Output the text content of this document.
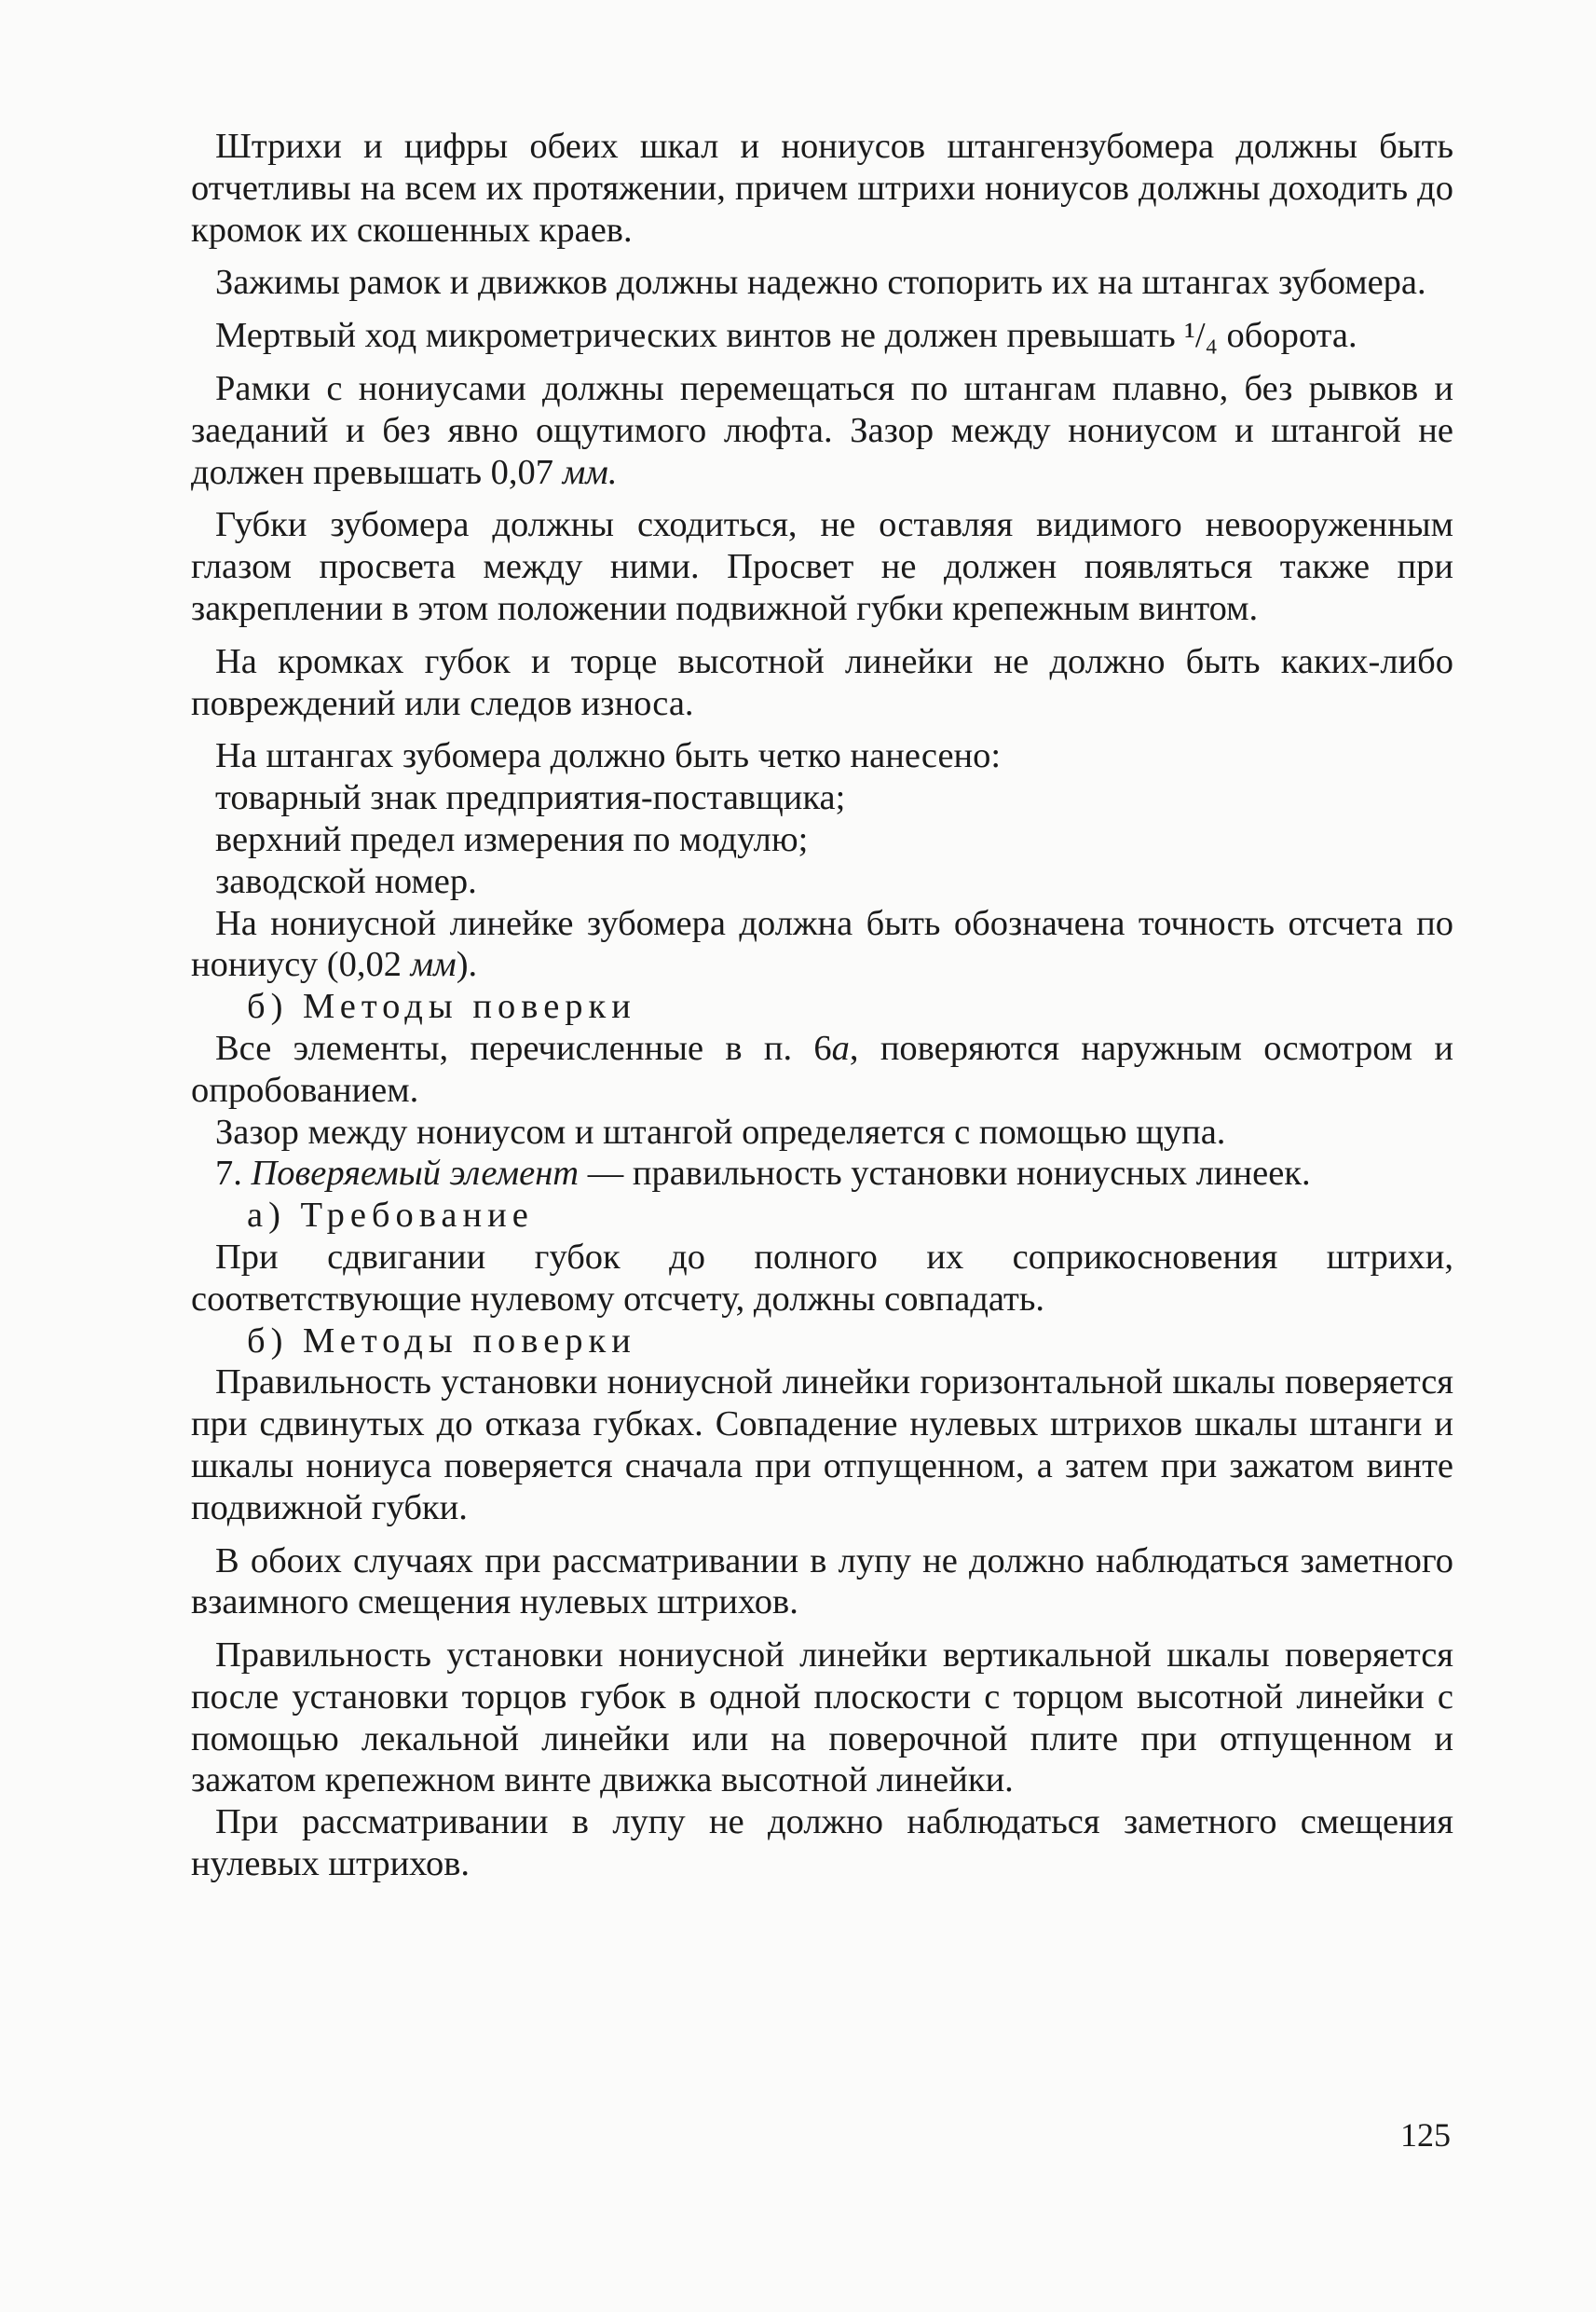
Штрихи и цифры обеих шкал и нониусов штангензубомера должны быть отчетливы на всем их протяжении, причем штрихи нониусов должны доходить до кромок их скошенных краев.

Зажимы рамок и движков должны надежно стопорить их на штангах зубомера.

Мертвый ход микрометрических винтов не должен превышать ¹/₄ оборота.

Рамки с нониусами должны перемещаться по штангам плавно, без рывков и заеданий и без явно ощутимого люфта. Зазор между нониусом и штангой не должен превышать 0,07 мм.

Губки зубомера должны сходиться, не оставляя видимого невооруженным глазом просвета между ними. Просвет не должен появляться также при закреплении в этом положении подвижной губки крепежным винтом.

На кромках губок и торце высотной линейки не должно быть каких-либо повреждений или следов износа.

На штангах зубомера должно быть четко нанесено:

товарный знак предприятия-поставщика;

верхний предел измерения по модулю;

заводской номер.

На нониусной линейке зубомера должна быть обозначена точность отсчета по нониусу (0,02 мм).

б) Методы поверки

Все элементы, перечисленные в п. 6а, поверяются наружным осмотром и опробованием.

Зазор между нониусом и штангой определяется с помощью щупа.

7. Поверяемый элемент — правильность установки нониусных линеек.

а) Требование

При сдвигании губок до полного их соприкосновения штрихи, соответствующие нулевому отсчету, должны совпадать.

б) Методы поверки

Правильность установки нониусной линейки горизонтальной шкалы поверяется при сдвинутых до отказа губках. Совпадение нулевых штрихов шкалы штанги и шкалы нониуса поверяется сначала при отпущенном, а затем при зажатом винте подвижной губки.

В обоих случаях при рассматривании в лупу не должно наблюдаться заметного взаимного смещения нулевых штрихов.

Правильность установки нониусной линейки вертикальной шкалы поверяется после установки торцов губок в одной плоскости с торцом высотной линейки с помощью лекальной линейки или на поверочной плите при отпущенном и зажатом крепежном винте движка высотной линейки.

При рассматривании в лупу не должно наблюдаться заметного смещения нулевых штрихов.

125
